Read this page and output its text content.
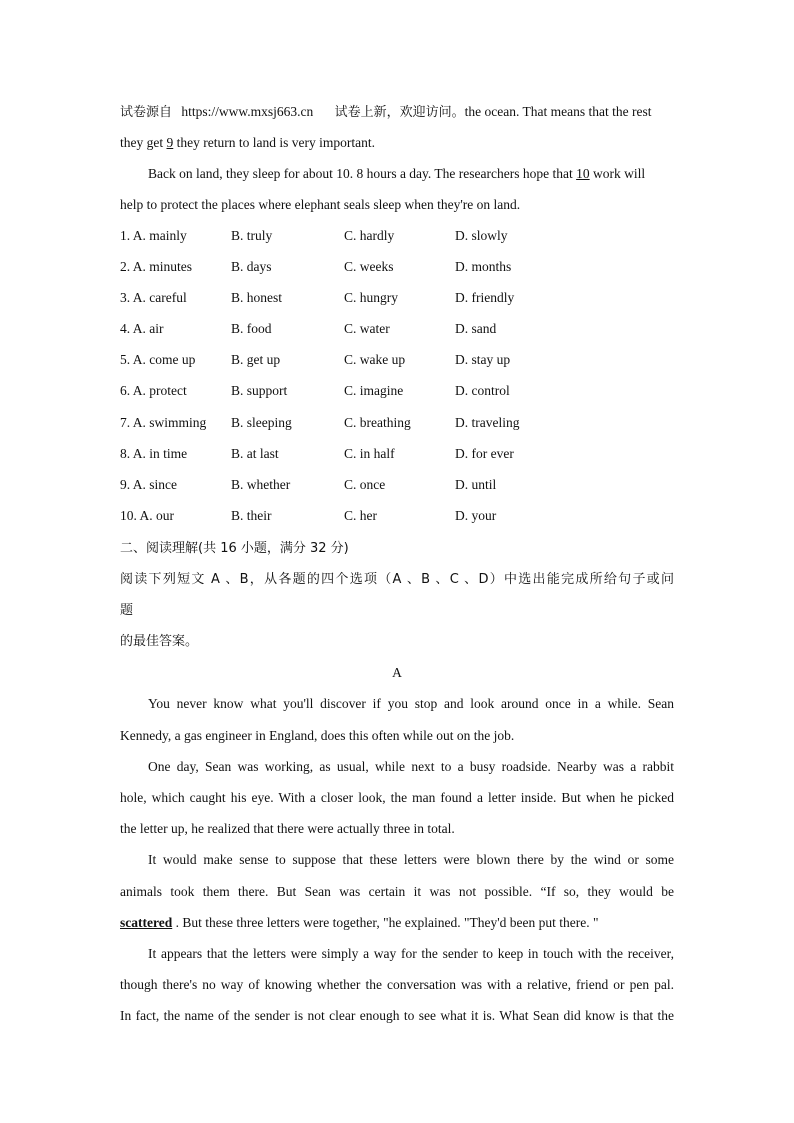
试卷源自 https://www.mxsj663.cn 试卷上新，欢迎访问。the ocean. That means that the rest
they get 9 they return to land is very important.
Back on land, they sleep for about 10. 8 hours a day. The researchers hope that 10 work will
help to protect the places where elephant seals sleep when they're on land.
1. A. mainly	B. truly	C. hardly	D. slowly
2. A. minutes	B. days	C. weeks	D. months
3. A. careful	B. honest	C. hungry	D. friendly
4. A. air	B. food	C. water	D. sand
5. A. come up	B. get up	C. wake up	D. stay up
6. A. protect	B. support	C. imagine	D. control
7. A. swimming B. sleeping	C. breathing	D. traveling
8. A. in time	B. at last	C. in half	D. for ever
9. A. since	B. whether	C. once	D. until
10. A. our	B. their	C. her	D. your
二、阅读理解(共 16 小题，满分 32 分)
阅读下列短文 A 、B，从各题的四个选项（A 、B 、C 、D）中选出能完成所给句子或问
题
的最佳答案。
A
You never know what you'll discover if you stop and look around once in a while. Sean
Kennedy, a gas engineer in England, does this often while out on the job.
One day, Sean was working, as usual, while next to a busy roadside. Nearby was a rabbit
hole, which caught his eye. With a closer look, the man found a letter inside. But when he picked
the letter up, he realized that there were actually three in total.
It would make sense to suppose that these letters were blown there by the wind or some
animals took them there. But Sean was certain it was not possible. “If so, they would be
scattered . But these three letters were together, "he explained. "They'd been put there. "
It appears that the letters were simply a way for the sender to keep in touch with the receiver,
though there's no way of knowing whether the conversation was with a relative, friend or pen pal.
In fact, the name of the sender is not clear enough to see what it is. What Sean did know is that the
